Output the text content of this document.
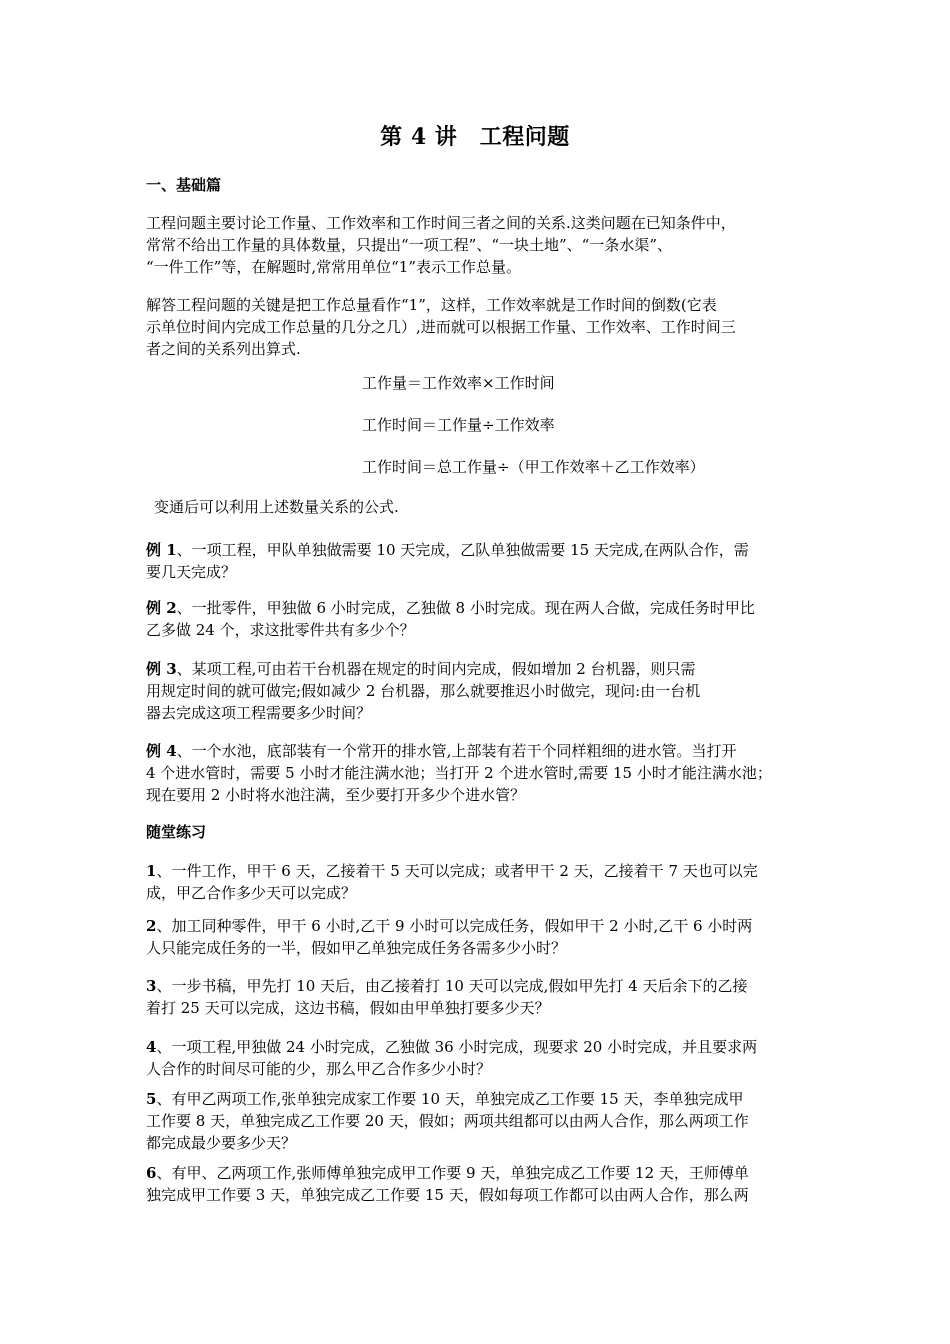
第 4 讲　工程问题
一、基础篇
工程问题主要讨论工作量、工作效率和工作时间三者之间的关系.这类问题在已知条件中，
常常不给出工作量的具体数量，只提出“一项工程”、“一块土地”、“一条水渠”、
“一件工作”等，在解题时,常常用单位“1”表示工作总量。
解答工程问题的关键是把工作总量看作“1”，这样，工作效率就是工作时间的倒数(它表
示单位时间内完成工作总量的几分之几）,进而就可以根据工作量、工作效率、工作时间三
者之间的关系列出算式.
工作量＝工作效率×工作时间
工作时间＝工作量÷工作效率
工作时间＝总工作量÷（甲工作效率＋乙工作效率）
变通后可以利用上述数量关系的公式.
例 1、一项工程，甲队单独做需要 10 天完成，乙队单独做需要 15 天完成,在两队合作，需
要几天完成？
例 2、一批零件，甲独做 6 小时完成，乙独做 8 小时完成。现在两人合做，完成任务时甲比
乙多做 24 个，求这批零件共有多少个？
例 3、某项工程,可由若干台机器在规定的时间内完成，假如增加 2 台机器，则只需
用规定时间的就可做完;假如减少 2 台机器，那么就要推迟小时做完，现问:由一台机
器去完成这项工程需要多少时间？
例 4、一个水池，底部装有一个常开的排水管,上部装有若干个同样粗细的进水管。当打开
4 个进水管时，需要 5 小时才能注满水池；当打开 2 个进水管时,需要 15 小时才能注满水池；
现在要用 2 小时将水池注满，至少要打开多少个进水管？
随堂练习
1、一件工作，甲干 6 天，乙接着干 5 天可以完成；或者甲干 2 天，乙接着干 7 天也可以完
成，甲乙合作多少天可以完成？
2、加工同种零件，甲干 6 小时,乙干 9 小时可以完成任务，假如甲干 2 小时,乙干 6 小时两
人只能完成任务的一半，假如甲乙单独完成任务各需多少小时？
3、一步书稿，甲先打 10 天后，由乙接着打 10 天可以完成,假如甲先打 4 天后余下的乙接
着打 25 天可以完成，这边书稿，假如由甲单独打要多少天？
4、一项工程,甲独做 24 小时完成，乙独做 36 小时完成，现要求 20 小时完成，并且要求两
人合作的时间尽可能的少，那么甲乙合作多少小时？
5、有甲乙两项工作,张单独完成家工作要 10 天，单独完成乙工作要 15 天，李单独完成甲
工作要 8 天，单独完成乙工作要 20 天，假如；两项共组都可以由两人合作，那么两项工作
都完成最少要多少天？
6、有甲、乙两项工作,张师傅单独完成甲工作要 9 天，单独完成乙工作要 12 天，王师傅单
独完成甲工作要 3 天，单独完成乙工作要 15 天，假如每项工作都可以由两人合作，那么两
